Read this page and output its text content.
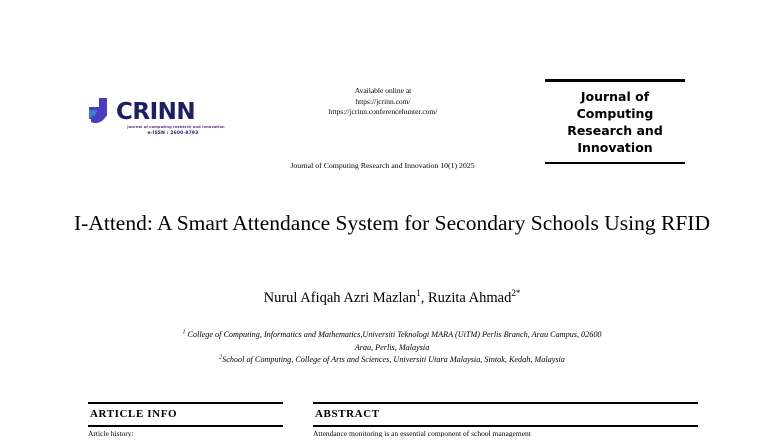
CRINN
Journal of computing research and innovation
e-ISSN : 2600-8793
Available online at
https://jcrinn.com/
https://jcrinn.conferencehunter.com/
Journal of Computing Research and Innovation 10(1) 2025
Journal of
Computing
Research and
Innovation
I-Attend: A Smart Attendance System for Secondary Schools Using RFID
Nurul Afiqah Azri Mazlan$^1$, Ruzita Ahmad$^{2*}$
$^1$ College of Computing, Informatics and Mathematics,Universiti Teknologi MARA (UiTM) Perlis Branch, Arau Campus, 02600
Arau, Perlis, Malaysia
$^2$School of Computing, College of Arts and Sciences, Universiti Utara Malaysia, Sintok, Kedah, Malaysia
ARTICLE INFO
Article history:
ABSTRACT
Attendance monitoring is an essential component of school management
